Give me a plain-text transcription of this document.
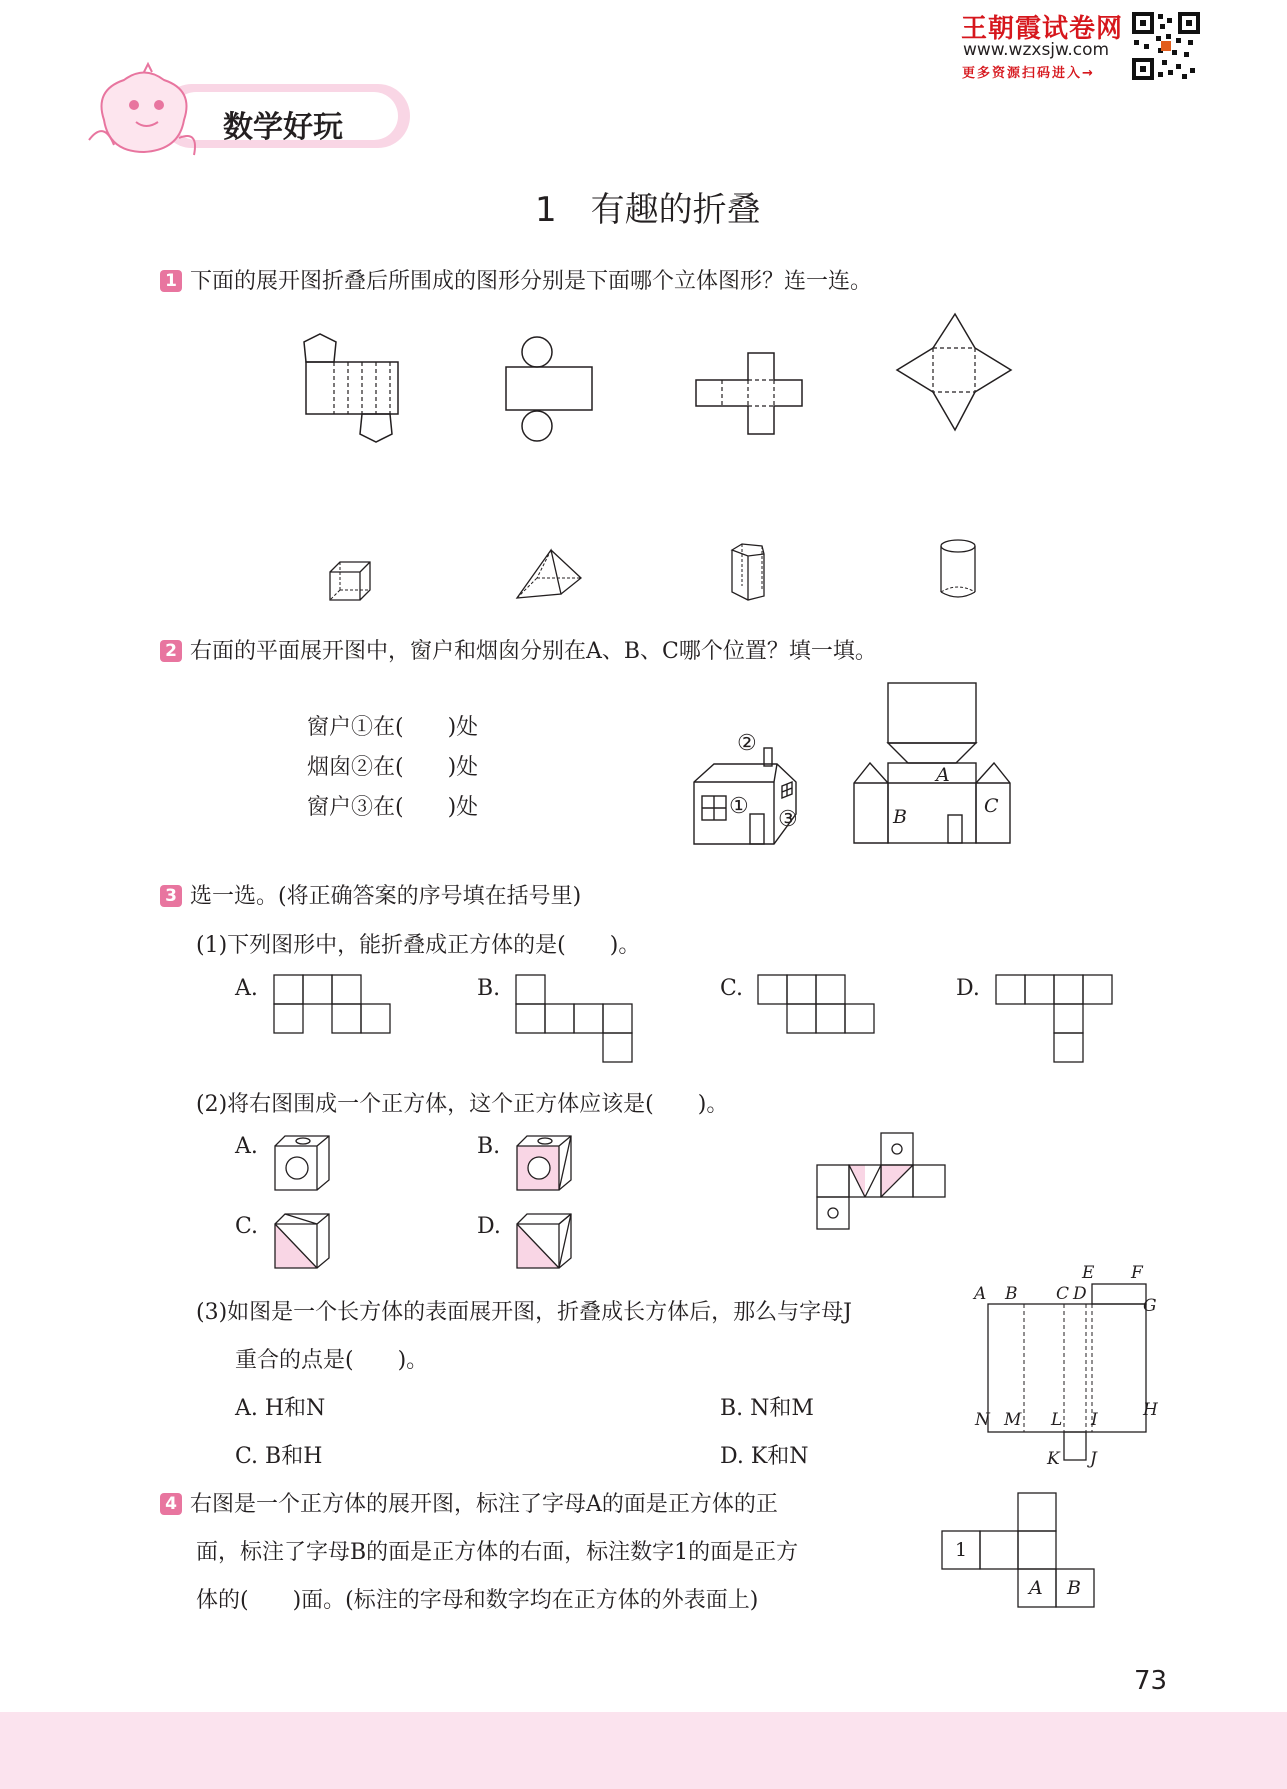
王朝霞试卷网
www.wzxsjw.com
更多资源扫码进入→
数学好玩
1　有趣的折叠
1 下面的展开图折叠后所围成的图形分别是下面哪个立体图形？连一连。
2 右面的平面展开图中，窗户和烟囱分别在A、B、C哪个位置？填一填。
窗户①在(　　)处
烟囱②在(　　)处
窗户③在(　　)处
②
①
③
A
B	C
3 选一选。(将正确答案的序号填在括号里)
(1)下列图形中，能折叠成正方体的是(　　)。
A.	B.	C.	D.
(2)将右图围成一个正方体，这个正方体应该是(　　)。
A.	B.
C.	D.
(3)如图是一个长方体的表面展开图，折叠成长方体后，那么与字母J
重合的点是(　　)。
A. H和N	B. N和M
C. B和H	D. K和N
A B C D
E F
G
H
I
J
K
L
M
N
4 右图是一个正方体的展开图，标注了字母A的面是正方体的正
面，标注了字母B的面是正方体的右面，标注数字1的面是正方
体的(　　)面。(标注的字母和数字均在正方体的外表面上)
1
A B
73
